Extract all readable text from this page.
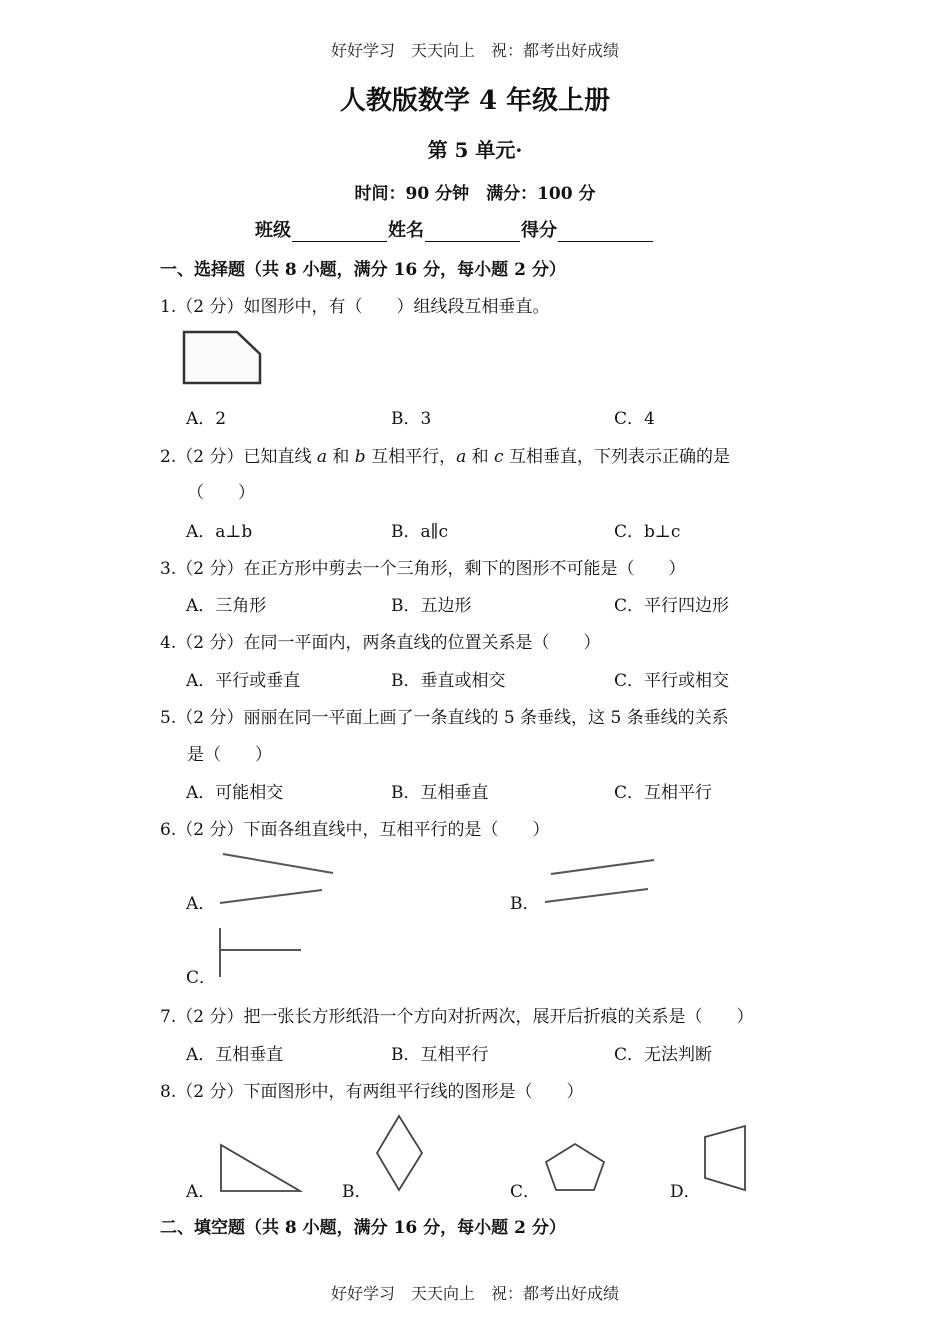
好好学习　天天向上　祝：都考出好成绩
人教版数学 4 年级上册
第 5 单元·
时间：90 分钟　满分：100 分
班级	姓名	得分
一、选择题（共 8 小题，满分 16 分，每小题 2 分）
1.（2 分）如图形中，有（　　）组线段互相垂直。
A．2	B．3	C．4
2.（2 分）已知直线 a 和 b 互相平行，a 和 c 互相垂直，下列表示正确的是
（　　）
A．a⊥b	B．a∥c	C．b⊥c
3.（2 分）在正方形中剪去一个三角形，剩下的图形不可能是（　　）
A．三角形	B．五边形	C．平行四边形
4.（2 分）在同一平面内，两条直线的位置关系是（　　）
A．平行或垂直	B．垂直或相交	C．平行或相交
5.（2 分）丽丽在同一平面上画了一条直线的 5 条垂线，这 5 条垂线的关系
是（　　）
A．可能相交	B．互相垂直	C．互相平行
6.（2 分）下面各组直线中，互相平行的是（　　）
A．	B．
C．
7.（2 分）把一张长方形纸沿一个方向对折两次，展开后折痕的关系是（　　）
A．互相垂直	B．互相平行	C．无法判断
8.（2 分）下面图形中，有两组平行线的图形是（　　）
A．	B．	C．	D．
二、填空题（共 8 小题，满分 16 分，每小题 2 分）
好好学习　天天向上　祝：都考出好成绩
